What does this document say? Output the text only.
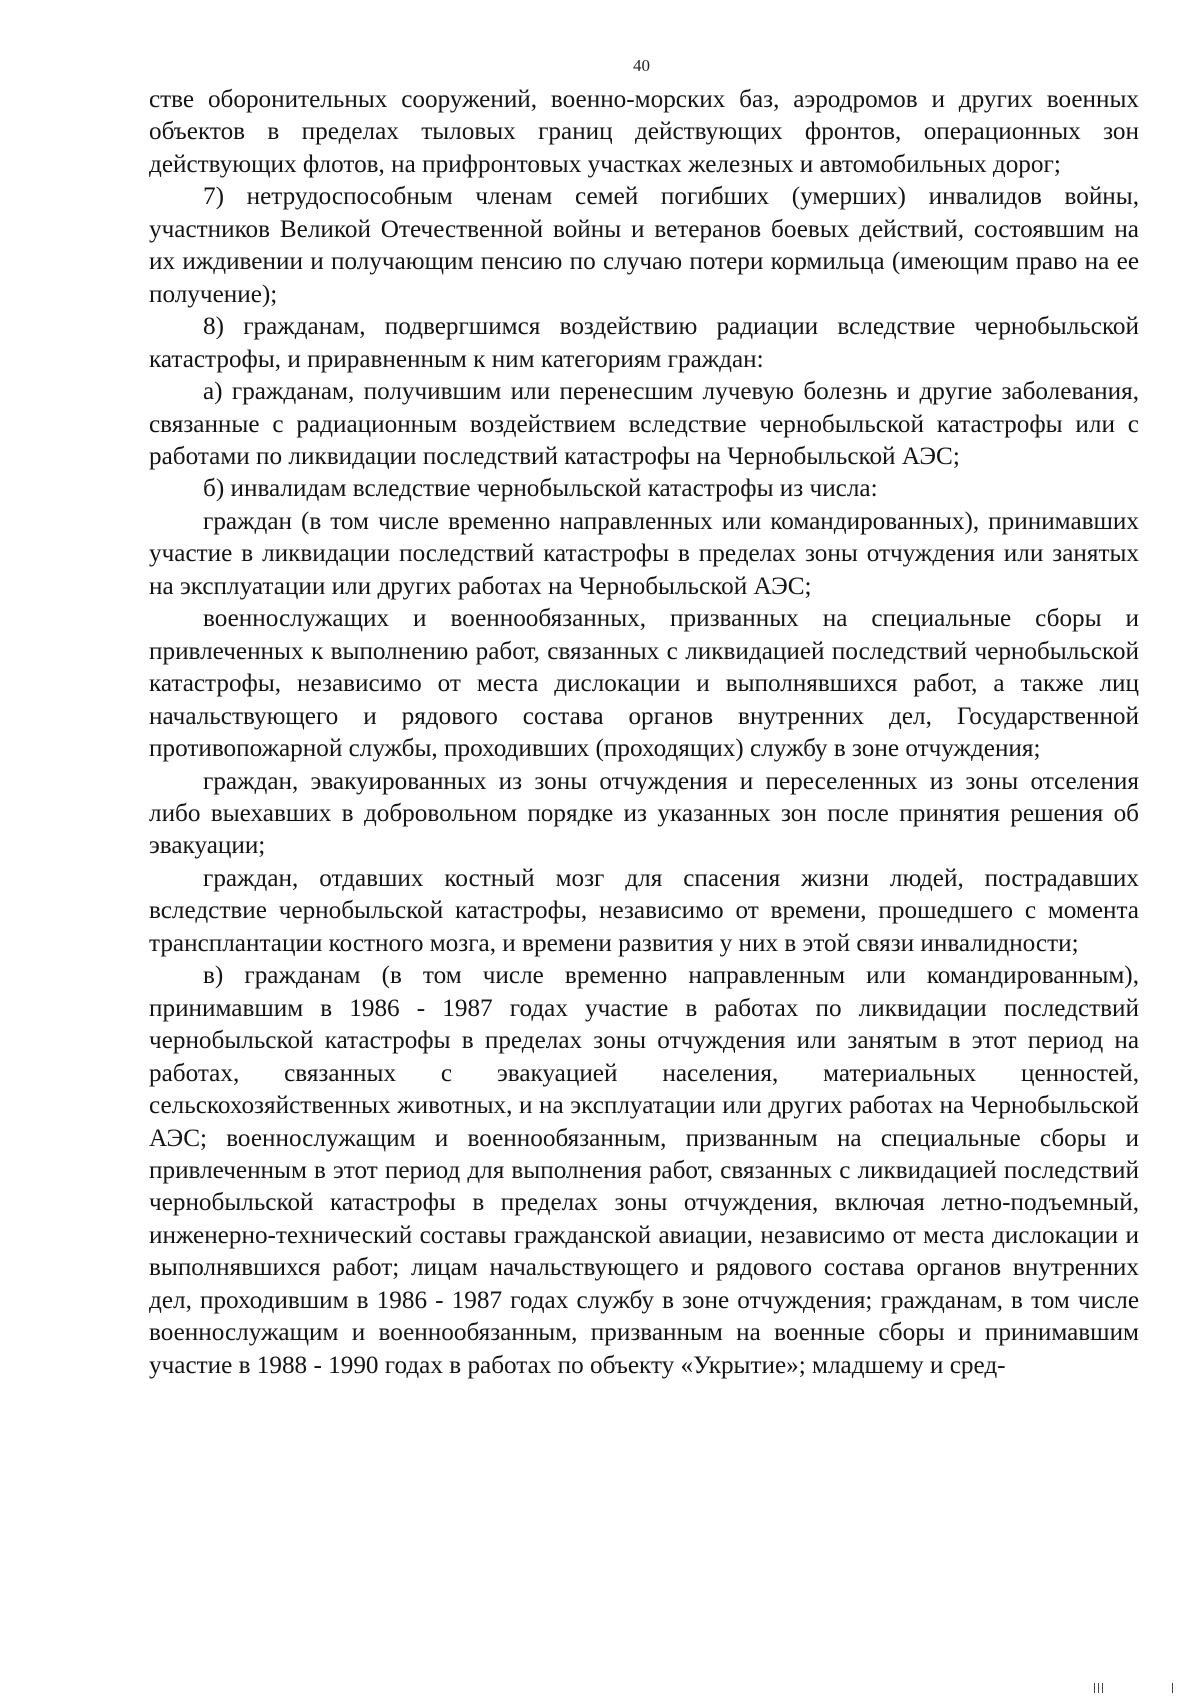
40

стве оборонительных сооружений, военно-морских баз, аэродромов и других военных объектов в пределах тыловых границ действующих фронтов, операционных зон действующих флотов, на прифронтовых участках железных и автомобильных дорог;

7) нетрудоспособным членам семей погибших (умерших) инвалидов войны, участников Великой Отечественной войны и ветеранов боевых действий, состоявшим на их иждивении и получающим пенсию по случаю потери кормильца (имеющим право на ее получение);

8) гражданам, подвергшимся воздействию радиации вследствие чернобыльской катастрофы, и приравненным к ним категориям граждан:

а) гражданам, получившим или перенесшим лучевую болезнь и другие заболевания, связанные с радиационным воздействием вследствие чернобыльской катастрофы или с работами по ликвидации последствий катастрофы на Чернобыльской АЭС;

б) инвалидам вследствие чернобыльской катастрофы из числа:

граждан (в том числе временно направленных или командированных), принимавших участие в ликвидации последствий катастрофы в пределах зоны отчуждения или занятых на эксплуатации или других работах на Чернобыльской АЭС;

военнослужащих и военнообязанных, призванных на специальные сборы и привлеченных к выполнению работ, связанных с ликвидацией последствий чернобыльской катастрофы, независимо от места дислокации и выполнявшихся работ, а также лиц начальствующего и рядового состава органов внутренних дел, Государственной противопожарной службы, проходивших (проходящих) службу в зоне отчуждения;

граждан, эвакуированных из зоны отчуждения и переселенных из зоны отселения либо выехавших в добровольном порядке из указанных зон после принятия решения об эвакуации;

граждан, отдавших костный мозг для спасения жизни людей, пострадавших вследствие чернобыльской катастрофы, независимо от времени, прошедшего с момента трансплантации костного мозга, и времени развития у них в этой связи инвалидности;

в) гражданам (в том числе временно направленным или командированным), принимавшим в 1986 - 1987 годах участие в работах по ликвидации последствий чернобыльской катастрофы в пределах зоны отчуждения или занятым в этот период на работах, связанных с эвакуацией населения, материальных ценностей, сельскохозяйственных животных, и на эксплуатации или других работах на Чернобыльской АЭС; военнослужащим и военнообязанным, призванным на специальные сборы и привлеченным в этот период для выполнения работ, связанных с ликвидацией последствий чернобыльской катастрофы в пределах зоны отчуждения, включая летно-подъемный, инженерно-технический составы гражданской авиации, независимо от места дислокации и выполнявшихся работ; лицам начальствующего и рядового состава органов внутренних дел, проходившим в 1986 - 1987 годах службу в зоне отчуждения; гражданам, в том числе военнослужащим и военнообязанным, призванным на военные сборы и принимавшим участие в 1988 - 1990 годах в работах по объекту «Укрытие»; младшему и сред-
